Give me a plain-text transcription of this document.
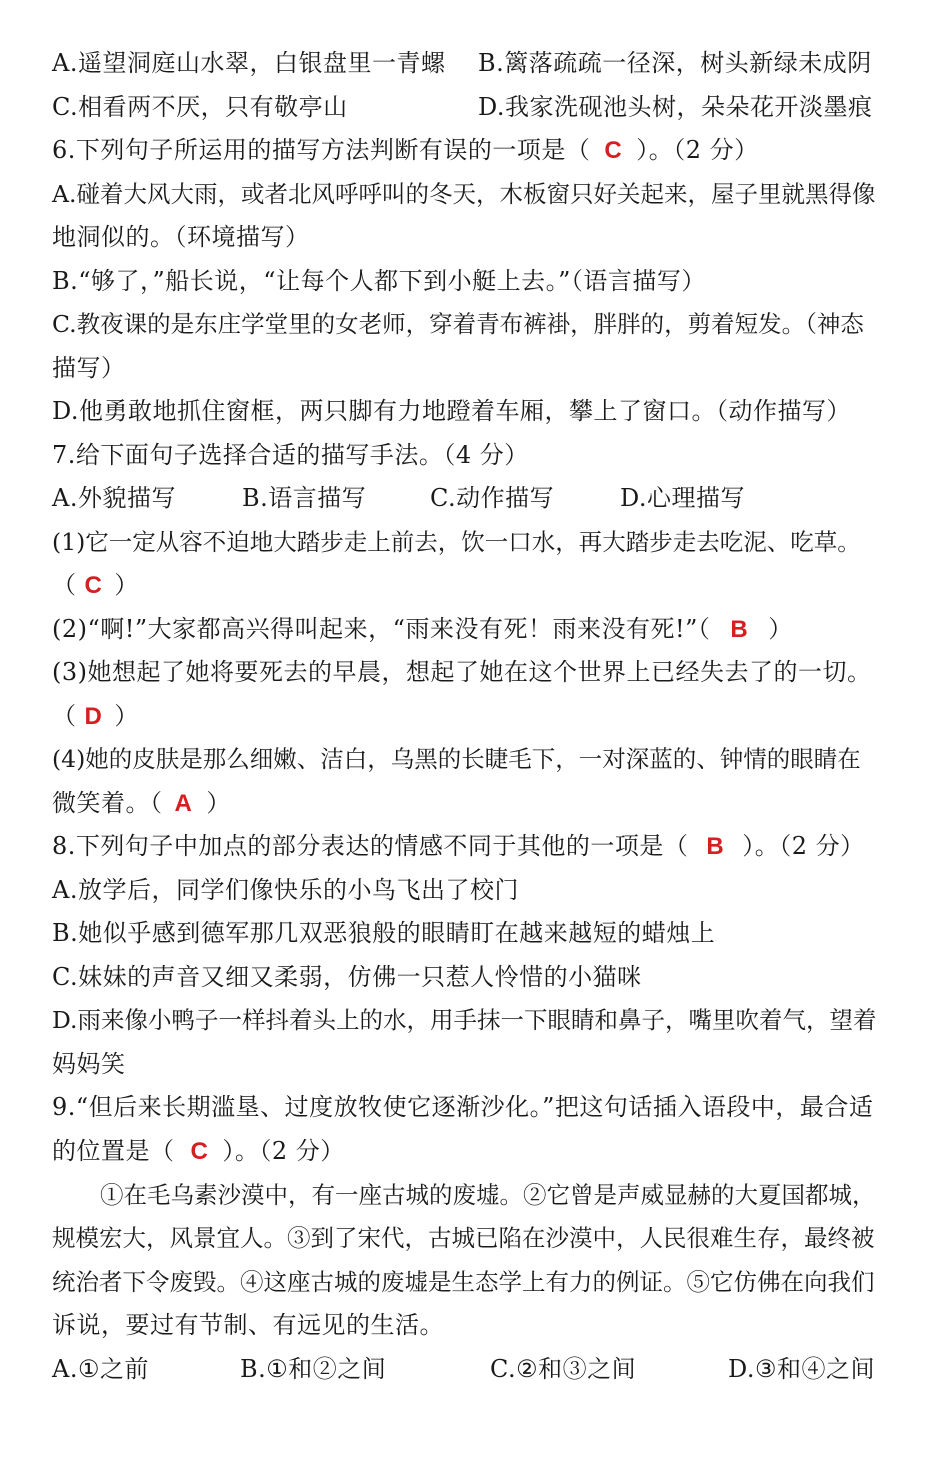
A.遥望洞庭山水翠，白银盘里一青螺 B.篱落疏疏一径深，树头新绿未成阴
C.相看两不厌，只有敬亭山	D.我家洗砚池头树，朵朵花开淡墨痕
6.下列句子所运用的描写方法判断有误的一项是（ C ）。（2 分）
A.碰着大风大雨，或者北风呼呼叫的冬天，木板窗只好关起来，屋子里就黑得像
地洞似的。（环境描写）
B.“够了，”船长说，“让每个人都下到小艇上去。”（语言描写）
C.教夜课的是东庄学堂里的女老师，穿着青布裤褂，胖胖的，剪着短发。（神态
描写）
D.他勇敢地抓住窗框，两只脚有力地蹬着车厢，攀上了窗口。（动作描写）
7.给下面句子选择合适的描写手法。（4 分）
A.外貌描写	B.语言描写	C.动作描写	D.心理描写
(1)它一定从容不迫地大踏步走上前去，饮一口水，再大踏步走去吃泥、吃草。
（ C ）
(2)“啊!”大家都高兴得叫起来，“雨来没有死！雨来没有死!”（ B ）
(3)她想起了她将要死去的早晨，想起了她在这个世界上已经失去了的一切。
（ D ）
(4)她的皮肤是那么细嫩、洁白，乌黑的长睫毛下，一对深蓝的、钟情的眼睛在
微笑着。（ A ）
8.下列句子中加点的部分表达的情感不同于其他的一项是（ B ）。（2 分）
A.放学后，同学们像快乐的小鸟飞出了校门
B.她似乎感到德军那几双恶狼般的眼睛盯在越来越短的蜡烛上
C.妹妹的声音又细又柔弱，仿佛一只惹人怜惜的小猫咪
D.雨来像小鸭子一样抖着头上的水，用手抹一下眼睛和鼻子，嘴里吹着气，望着
妈妈笑
9.“但后来长期滥垦、过度放牧使它逐渐沙化。”把这句话插入语段中，最合适
的位置是（ C ）。（2 分）
①在毛乌素沙漠中，有一座古城的废墟。②它曾是声威显赫的大夏国都城，
规模宏大，风景宜人。③到了宋代，古城已陷在沙漠中，人民很难生存，最终被
统治者下令废毁。④这座古城的废墟是生态学上有力的例证。⑤它仿佛在向我们
诉说，要过有节制、有远见的生活。
A.①之前	B.①和②之间	C.②和③之间	D.③和④之间
